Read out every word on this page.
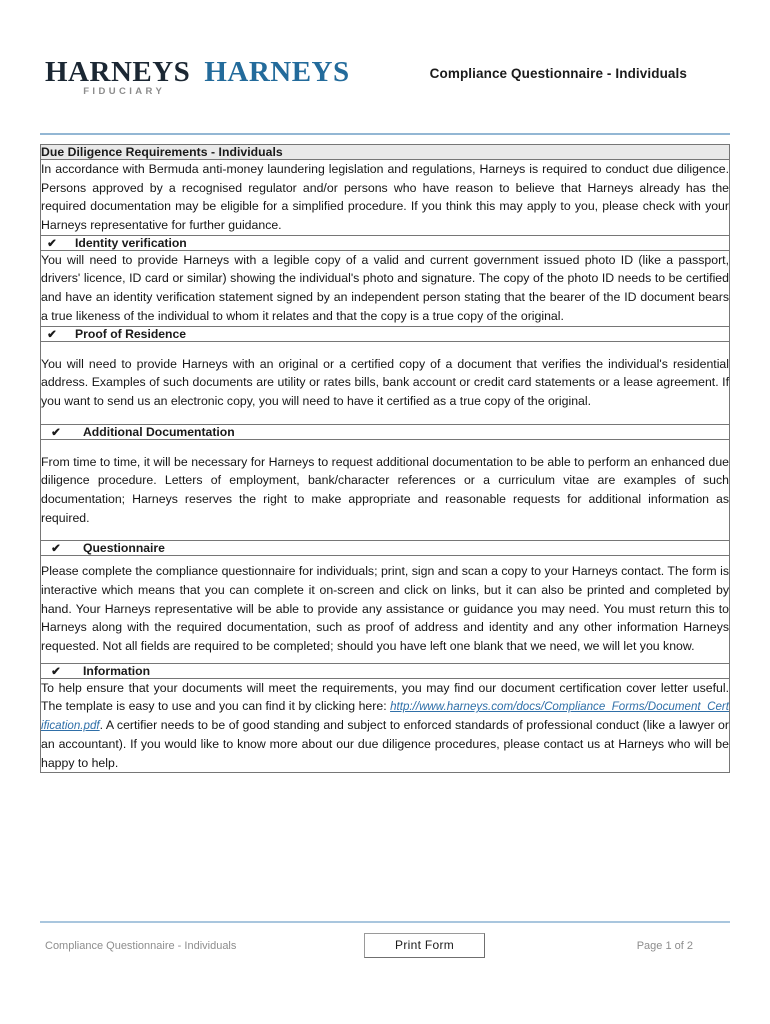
HARNEYS
FIDUCIARY
HARNEYS	Compliance Questionnaire - Individuals
Due Diligence Requirements - Individuals

In accordance with Bermuda anti-money laundering legislation and regulations, Harneys is required to conduct due diligence. Persons approved by a recognised regulator and/or persons who have reason to believe that Harneys already has the required documentation may be eligible for a simplified procedure. If you think this may apply to you, please check with your Harneys representative for further guidance.

✔	Identity verification

You will need to provide Harneys with a legible copy of a valid and current government issued photo ID (like a passport, drivers' licence, ID card or similar) showing the individual's photo and signature. The copy of the photo ID needs to be certified and have an identity verification statement signed by an independent person stating that the bearer of the ID document bears a true likeness of the individual to whom it relates and that the copy is a true copy of the original.

✔	Proof of Residence

You will need to provide Harneys with an original or a certified copy of a document that verifies the individual's residential address. Examples of such documents are utility or rates bills, bank account or credit card statements or a lease agreement. If you want to send us an electronic copy, you will need to have it certified as a true copy of the original.

✔	Additional Documentation

From time to time, it will be necessary for Harneys to request additional documentation to be able to perform an enhanced due diligence procedure. Letters of employment, bank/character references or a curriculum vitae are examples of such documentation; Harneys reserves the right to make appropriate and reasonable requests for additional information as required.

✔	Questionnaire

Please complete the compliance questionnaire for individuals; print, sign and scan a copy to your Harneys contact. The form is interactive which means that you can complete it on-screen and click on links, but it can also be printed and completed by hand. Your Harneys representative will be able to provide any assistance or guidance you may need. You must return this to Harneys along with the required documentation, such as proof of address and identity and any other information Harneys requested. Not all fields are required to be completed; should you have left one blank that we need, we will let you know.

✔	Information

To help ensure that your documents will meet the requirements, you may find our document certification cover letter useful. The template is easy to use and you can find it by clicking here: http://www.harneys.com/docs/Compliance_Forms/Document_Certification.pdf. A certifier needs to be of good standing and subject to enforced standards of professional conduct (like a lawyer or an accountant). If you would like to know more about our due diligence procedures, please contact us at Harneys who will be happy to help.

Compliance Questionnaire - Individuals	Print Form	Page 1 of 2
